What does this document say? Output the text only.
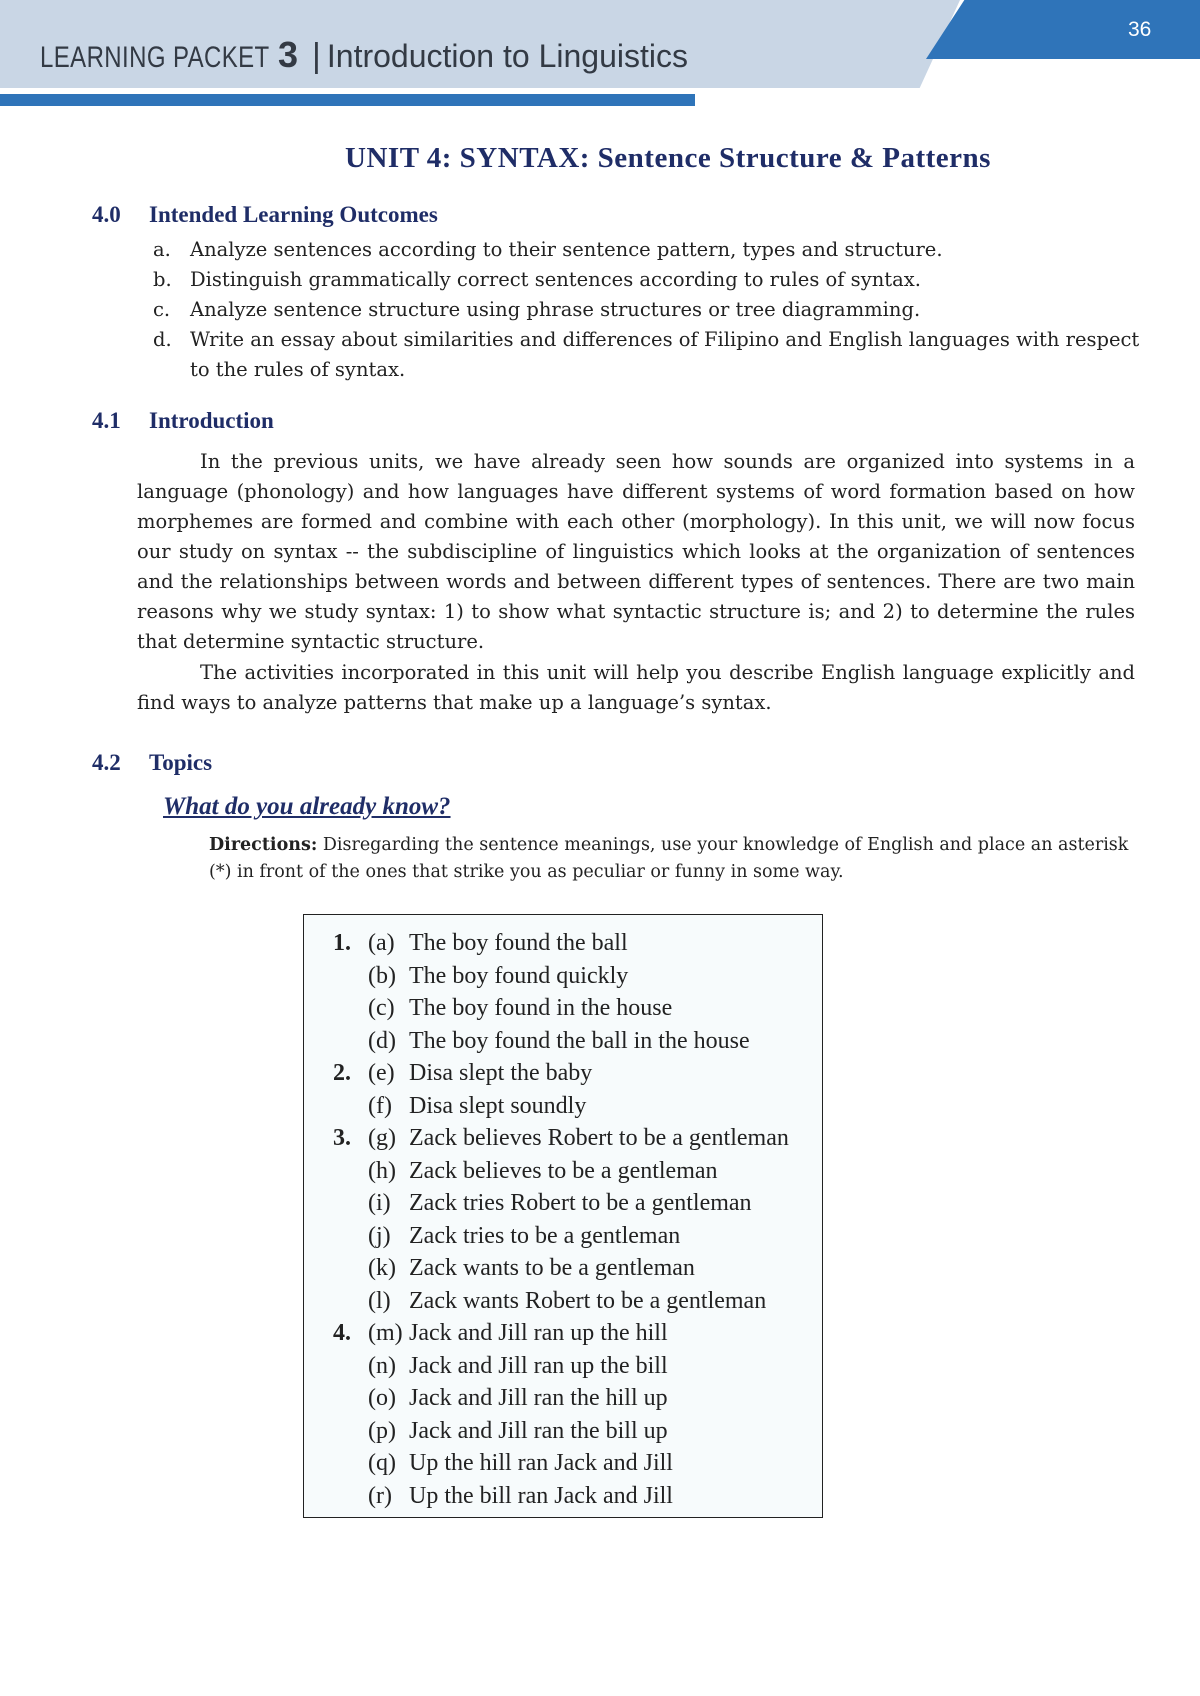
LEARNING PACKET 3 | Introduction to Linguistics
36
UNIT 4: SYNTAX: Sentence Structure & Patterns
4.0 Intended Learning Outcomes
a. Analyze sentences according to their sentence pattern, types and structure.
b. Distinguish grammatically correct sentences according to rules of syntax.
c.	Analyze sentence structure using phrase structures or tree diagramming.
d. Write an essay about similarities and differences of Filipino and English languages with respect to the rules of syntax.
4.1 Introduction

In the previous units, we have already seen how sounds are organized into systems in a language (phonology) and how languages have different systems of word formation based on how morphemes are formed and combine with each other (morphology). In this unit, we will now focus our study on syntax -- the subdiscipline of linguistics which looks at the organization of sentences and the relationships between words and between different types of sentences. There are two main reasons why we study syntax: 1) to show what syntactic structure is; and 2) to determine the rules that determine syntactic structure.

The activities incorporated in this unit will help you describe English language explicitly and find ways to analyze patterns that make up a language’s syntax.

4.2 Topics
What do you already know?

Directions: Disregarding the sentence meanings, use your knowledge of English and place an asterisk (*) in front of the ones that strike you as peculiar or funny in some way.

1. (a) The boy found the ball
(b) The boy found quickly
(c) The boy found in the house
(d) The boy found the ball in the house
2. (e) Disa slept the baby
(f) Disa slept soundly
3. (g) Zack believes Robert to be a gentleman
(h) Zack believes to be a gentleman
(i) Zack tries Robert to be a gentleman
(j) Zack tries to be a gentleman
(k) Zack wants to be a gentleman
(l) Zack wants Robert to be a gentleman
4. (m) Jack and Jill ran up the hill
(n) Jack and Jill ran up the bill
(o) Jack and Jill ran the hill up
(p) Jack and Jill ran the bill up
(q) Up the hill ran Jack and Jill
(r) Up the bill ran Jack and Jill
